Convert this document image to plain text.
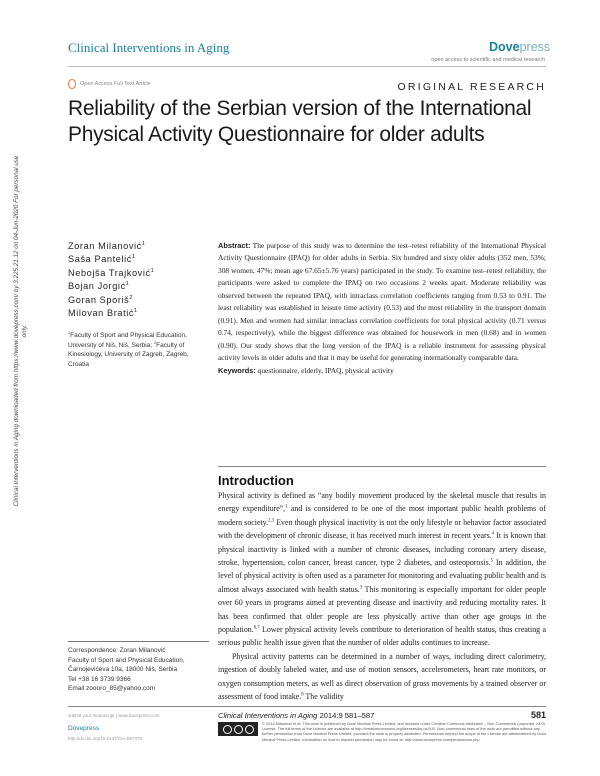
Clinical Interventions in Aging	Dovepress
open access to scientific and medical research
Open Access Full Text Article	ORIGINAL RESEARCH
Reliability of the Serbian version of the International Physical Activity Questionnaire for older adults
Clinical Interventions in Aging downloaded from https://www.dovepress.com/ by 3.225.21.12 on 04-Jun-2020 For personal use only.
Zoran Milanović$^1$
Saša Pantelić$^1$
Nebojša Trajković$^1$
Bojan Jorgić$^1$
Goran Sporiš$^2$
Milovan Bratić$^1$
$^1$Faculty of Sport and Physical Education, University of Niš, Niš, Serbia; $^2$Faculty of Kinesiology, University of Zagreb, Zagreb, Croatia
Abstract: The purpose of this study was to determine the test–retest reliability of the International Physical Activity Questionnaire (IPAQ) for older adults in Serbia. Six hundred and sixty older adults (352 men, 53%; 308 women, 47%; mean age 67.65±5.76 years) participated in the study. To examine test–retest reliability, the participants were asked to complete the IPAQ on two occasions 2 weeks apart. Moderate reliability was observed between the repeated IPAQ, with intraclass correlation coefficients ranging from 0.53 to 0.91. The least reliability was established in leisure time activity (0.53) and the most reliability in the transport domain (0.91). Men and women had similar intraclass correlation coefficients for total physical activity (0.71 versus 0.74, respectively), while the biggest difference was obtained for housework in men (0.68) and in women (0.90). Our study shows that the long version of the IPAQ is a reliable instrument for assessing physical activity levels in older adults and that it may be useful for generating internationally comparable data.
Keywords: questionnaire, elderly, IPAQ, physical activity
Introduction

Physical activity is defined as “any bodily movement produced by the skeletal muscle that results in energy expenditure”,$^1$ and is considered to be one of the most important public health problems of modern society.$^{2,3}$ Even though physical inactivity is not the only lifestyle or behavior factor associated with the development of chronic disease, it has received much interest in recent years.$^4$ It is known that physical inactivity is linked with a number of chronic diseases, including coronary artery disease, stroke, hypertension, colon cancer, breast cancer, type 2 diabetes, and osteoporosis.$^5$ In addition, the level of physical activity is often used as a parameter for monitoring and evaluating public health and is almost always associated with health status.$^3$ This monitoring is especially important for older people over 60 years in programs aimed at preventing disease and inactivity and reducing mortality rates. It has been confirmed that older people are less physically active than other age groups in the population.$^{6,7}$ Lower physical activity levels contribute to deterioration of health status, thus creating a serious public health issue given that the number of older adults continues to increase.

Physical activity patterns can be determined in a number of ways, including direct calorimetry, ingestion of doubly labeled water, and use of motion sensors, accelerometers, heart rate monitors, or oxygen consumption meters, as well as direct observation of gross movements by a trained observer or assessment of food intake.$^8$ The validity

Correspondence: Zoran Milanović
Faculty of Sport and Physical Education,
Čarnojevićeva 10a, 18000 Niš, Serbia
Tel +38 16 3739 9366
Email zoooro_85@yahoo.com
submit your manuscript | www.dovepress.com
Dovepress
http://dx.doi.org/10.2147/CIA.S57379
Clinical Interventions in Aging 2014:9 581–587	581
© 2014 Milanović et al. This work is published by Dove Medical Press Limited, and licensed under Creative Commons Attribution – Non Commercial (unported, v3.0) License. The full terms of the License are available at http://creativecommons.org/licenses/by-nc/3.0/. Non-commercial uses of the work are permitted without any further permission from Dove Medical Press Limited, provided the work is properly attributed. Permissions beyond the scope of the License are administered by Dove Medical Press Limited. Information on how to request permission may be found at: http://www.dovepress.com/permissions.php
